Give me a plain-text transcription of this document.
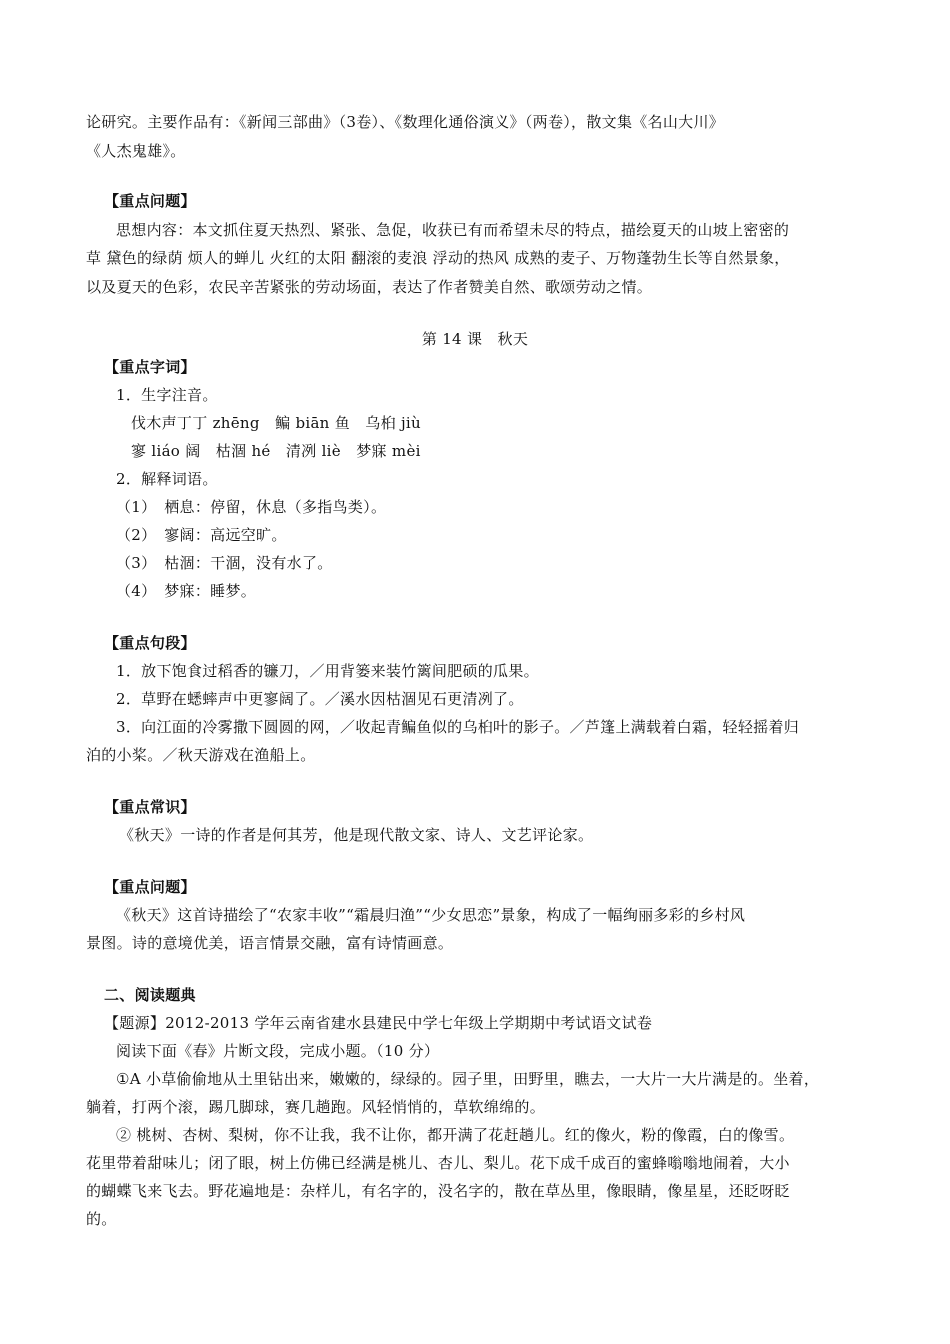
论研究。主要作品有：《新闻三部曲》（3卷）、《数理化通俗演义》（两卷），散文集《名山大川》
《人杰鬼雄》。
【重点问题】
思想内容：本文抓住夏天热烈、紧张、急促，收获已有而希望未尽的特点，描绘夏天的山坡上密密的
草 黛色的绿荫 烦人的蝉儿 火红的太阳 翻滚的麦浪 浮动的热风 成熟的麦子、万物蓬勃生长等自然景象，
以及夏天的色彩，农民辛苦紧张的劳动场面，表达了作者赞美自然、歌颂劳动之情。
第 14 课　秋天
【重点字词】
1．生字注音。
伐木声丁丁 zhēng　鳊 biān 鱼　乌桕 jiù
寥 liáo 阔　枯涸 hé　清冽 liè　梦寐 mèi
2．解释词语。
（1）　栖息：停留，休息（多指鸟类）。
（2）　寥阔：高远空旷。
（3）　枯涸：干涸，没有水了。
（4）　梦寐：睡梦。
【重点句段】
1．放下饱食过稻香的镰刀，／用背篓来装竹篱间肥硕的瓜果。
2．草野在蟋蟀声中更寥阔了。／溪水因枯涸见石更清冽了。
3．向江面的冷雾撒下圆圆的网，／收起青鳊鱼似的乌桕叶的影子。／芦篷上满载着白霜，轻轻摇着归
泊的小桨。／秋天游戏在渔船上。
【重点常识】
《秋天》一诗的作者是何其芳，他是现代散文家、诗人、文艺评论家。
【重点问题】
《秋天》这首诗描绘了“农家丰收”“霜晨归渔”“少女思恋”景象，构成了一幅绚丽多彩的乡村风
景图。诗的意境优美，语言情景交融，富有诗情画意。
二、阅读题典
【题源】2012-2013 学年云南省建水县建民中学七年级上学期期中考试语文试卷
阅读下面《春》片断文段，完成小题。（10 分）
①A 小草偷偷地从土里钻出来，嫩嫩的，绿绿的。园子里，田野里，瞧去，一大片一大片满是的。坐着，
躺着，打两个滚，踢几脚球，赛几趟跑。风轻悄悄的，草软绵绵的。
② 桃树、杏树、梨树，你不让我，我不让你，都开满了花赶趟儿。红的像火，粉的像霞，白的像雪。
花里带着甜味儿；闭了眼，树上仿佛已经满是桃儿、杏儿、梨儿。花下成千成百的蜜蜂嗡嗡地闹着，大小
的蝴蝶飞来飞去。野花遍地是：杂样儿，有名字的，没名字的，散在草丛里，像眼睛，像星星，还眨呀眨
的。
